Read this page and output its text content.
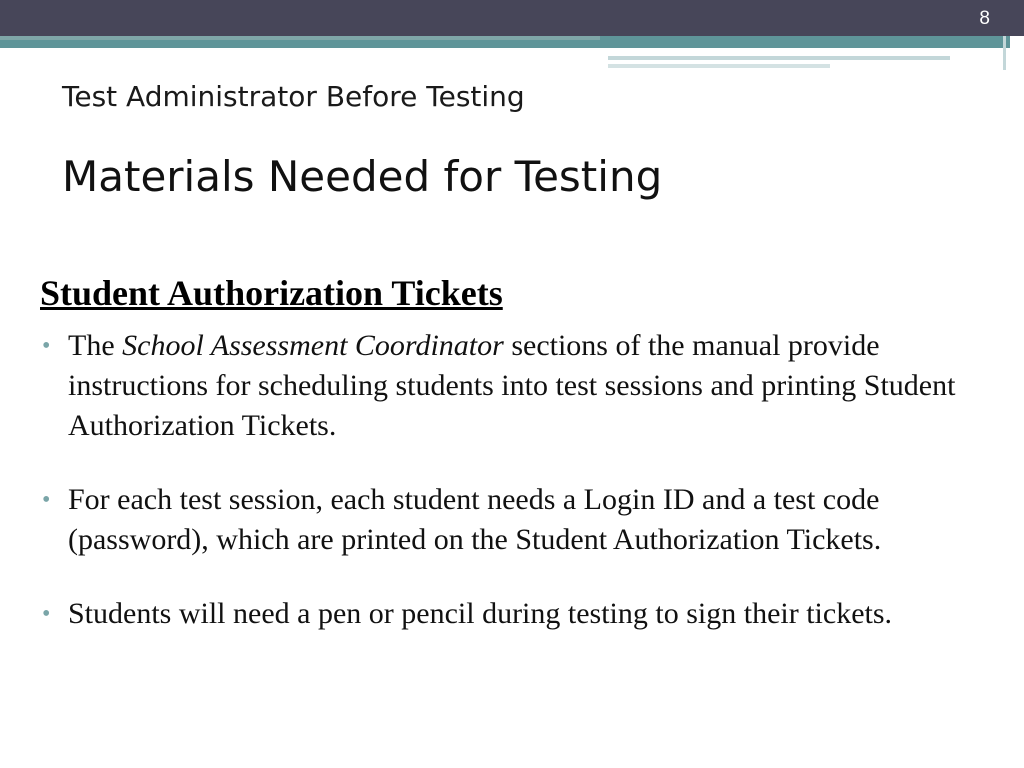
8
Test Administrator Before Testing
Materials Needed for Testing
Student Authorization Tickets
• The School Assessment Coordinator sections of the manual provide instructions for scheduling students into test sessions and printing Student Authorization Tickets.
• For each test session, each student needs a Login ID and a test code (password), which are printed on the Student Authorization Tickets.
• Students will need a pen or pencil during testing to sign their tickets.
